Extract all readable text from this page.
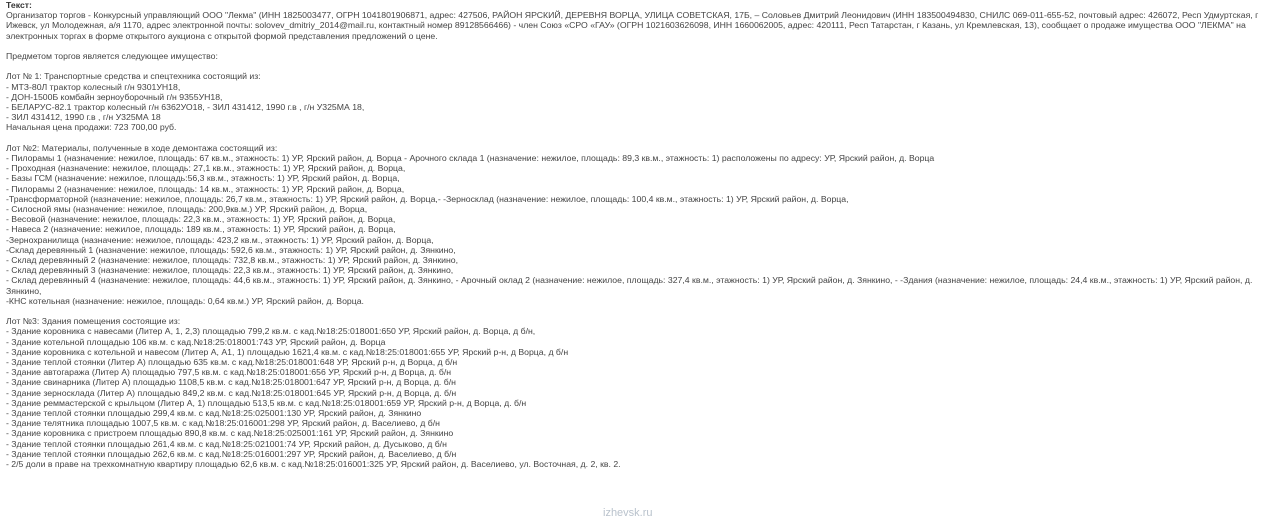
Текст:
Организатор торгов - Конкурсный управляющий ООО "Лекма" (ИНН 1825003477, ОГРН 1041801906871, адрес: 427506, РАЙОН ЯРСКИЙ, ДЕРЕВНЯ ВОРЦА, УЛИЦА СОВЕТСКАЯ, 17Б, – Соловьев Дмитрий Леонидович (ИНН 183500494830, СНИЛС 069-011-655-52, почтовый адрес: 426072, Респ Удмуртская, г Ижевск, ул Молодежная, а/я 1170, адрес электронной почты: solovev_dmitriy_2014@mail.ru, контактный номер 89128566466) - член Союз «СРО «ГАУ» (ОГРН 1021603626098, ИНН 1660062005, адрес: 420111, Респ Татарстан, г Казань, ул Кремлевская, 13), сообщает о продаже имущества ООО "ЛЕКМА" на электронных торгах в форме открытого аукциона с открытой формой представления предложений о цене.
Предметом торгов является следующее имущество:
Лот № 1: Транспортные средства и спецтехника состоящий из:
- МТЗ-80Л трактор колесный г/н 9301УН18,
- ДОН-1500Б комбайн зерноуборочный г/н 9355УН18,
- БЕЛАРУС-82.1 трактор колесный г/н 6362УО18, - ЗИЛ 431412, 1990 г.в , г/н У325МА 18,
- ЗИЛ 431412, 1990 г.в , г/н У325МА 18
Начальная цена продажи: 723 700,00 руб.
Лот №2: Материалы, полученные в ходе демонтажа состоящий из:
- Пилорамы 1 (назначение: нежилое, площадь: 67 кв.м., этажность: 1) УР, Ярский район, д. Ворца - Арочного склада 1 (назначение: нежилое, площадь: 89,3 кв.м., этажность: 1) расположены по адресу: УР, Ярский район, д. Ворца
- Проходная (назначение: нежилое, площадь: 27,1 кв.м., этажность: 1) УР, Ярский район, д. Ворца,
- Базы ГСМ (назначение: нежилое, площадь:56,3 кв.м., этажность: 1) УР, Ярский район, д. Ворца,
- Пилорамы 2 (назначение: нежилое, площадь: 14 кв.м., этажность: 1) УР, Ярский район, д. Ворца,
-Трансформаторной (назначение: нежилое, площадь: 26,7 кв.м., этажность: 1) УР, Ярский район, д. Ворца,- -Зерносклад (назначение: нежилое, площадь: 100,4 кв.м., этажность: 1) УР, Ярский район, д. Ворца,
- Силосной ямы (назначение: нежилое, площадь: 200,9кв.м.) УР, Ярский район, д. Ворца,
- Весовой (назначение: нежилое, площадь: 22,3 кв.м., этажность: 1) УР, Ярский район, д. Ворца,
- Навеса 2 (назначение: нежилое, площадь: 189 кв.м., этажность: 1) УР, Ярский район, д. Ворца,
-Зернохранилища (назначение: нежилое, площадь: 423,2 кв.м., этажность: 1) УР, Ярский район, д. Ворца,
-Склад деревянный 1 (назначение: нежилое, площадь: 592,6 кв.м., этажность: 1) УР, Ярский район, д. Зянкино,
- Склад деревянный 2 (назначение: нежилое, площадь: 732,8 кв.м., этажность: 1) УР, Ярский район, д. Зянкино,
- Склад деревянный 3 (назначение: нежилое, площадь: 22,3 кв.м., этажность: 1) УР, Ярский район, д. Зянкино,
- Склад деревянный 4 (назначение: нежилое, площадь: 44,6 кв.м., этажность: 1) УР, Ярский район, д. Зянкино, - Арочный оклад 2 (назначение: нежилое, площадь: 327,4 кв.м., этажность: 1) УР, Ярский район, д. Зянкино, - -Здания (назначение: нежилое, площадь: 24,4 кв.м., этажность: 1) УР, Ярский район, д. Зянкино,
-КНС котельная (назначение: нежилое, площадь: 0,64 кв.м.) УР, Ярский район, д. Ворца.
Лот №3: Здания помещения состоящие из:
- Здание коровника с навесами (Литер А, 1, 2,3) площадью 799,2 кв.м. с кад.№18:25:018001:650 УР, Ярский район, д. Ворца, д б/н,
- Здание котельной площадью 106 кв.м. с кад.№18:25:018001:743 УР, Ярский район, д. Ворца
- Здание коровника с котельной и навесом (Литер А, А1, 1) площадью 1621,4 кв.м. с кад.№18:25:018001:655 УР, Ярский р-н, д Ворца, д б/н
- Здание теплой стоянки (Литер А) площадью 635 кв.м. с кад.№18:25:018001:648 УР, Ярский р-н, д Ворца, д б/н
- Здание автогаража (Литер А) площадью 797,5 кв.м. с кад.№18:25:018001:656 УР, Ярский р-н, д Ворца, д. б/н
- Здание свинарника (Литер А) площадью 1108,5 кв.м. с кад.№18:25:018001:647 УР, Ярский р-н, д Ворца, д. б/н
- Здание зерносклада (Литер А) площадью 849,2 кв.м. с кад.№18:25:018001:645 УР, Ярский р-н, д Ворца, д. б/н
- Здание реммастерской с крыльцом (Литер А, 1) площадью 513,5 кв.м. с кад.№18:25:018001:659 УР, Ярский р-н, д Ворца, д. б/н
- Здание теплой стоянки площадью 299,4 кв.м. с кад.№18:25:025001:130 УР, Ярский район, д. Зянкино
- Здание телятника площадью 1007,5 кв.м. с кад.№18:25:016001:298 УР, Ярский район, д. Васелиево, д б/н
- Здание коровника с пристроем площадью 890,8 кв.м. с кад.№18:25:025001:161 УР, Ярский район, д. Зянкино
- Здание теплой стоянки площадью 261,4 кв.м. с кад.№18:25:021001:74 УР, Ярский район, д. Дусыково, д б/н
- Здание теплой стоянки площадью 262,6 кв.м. с кад.№18:25:016001:297 УР, Ярский район, д. Васелиево, д б/н
- 2/5 доли в праве на трехкомнатную квартиру площадью 62,6 кв.м. с кад.№18:25:016001:325 УР, Ярский район, д. Васелиево, ул. Восточная, д. 2, кв. 2.
izhevsk.ru
